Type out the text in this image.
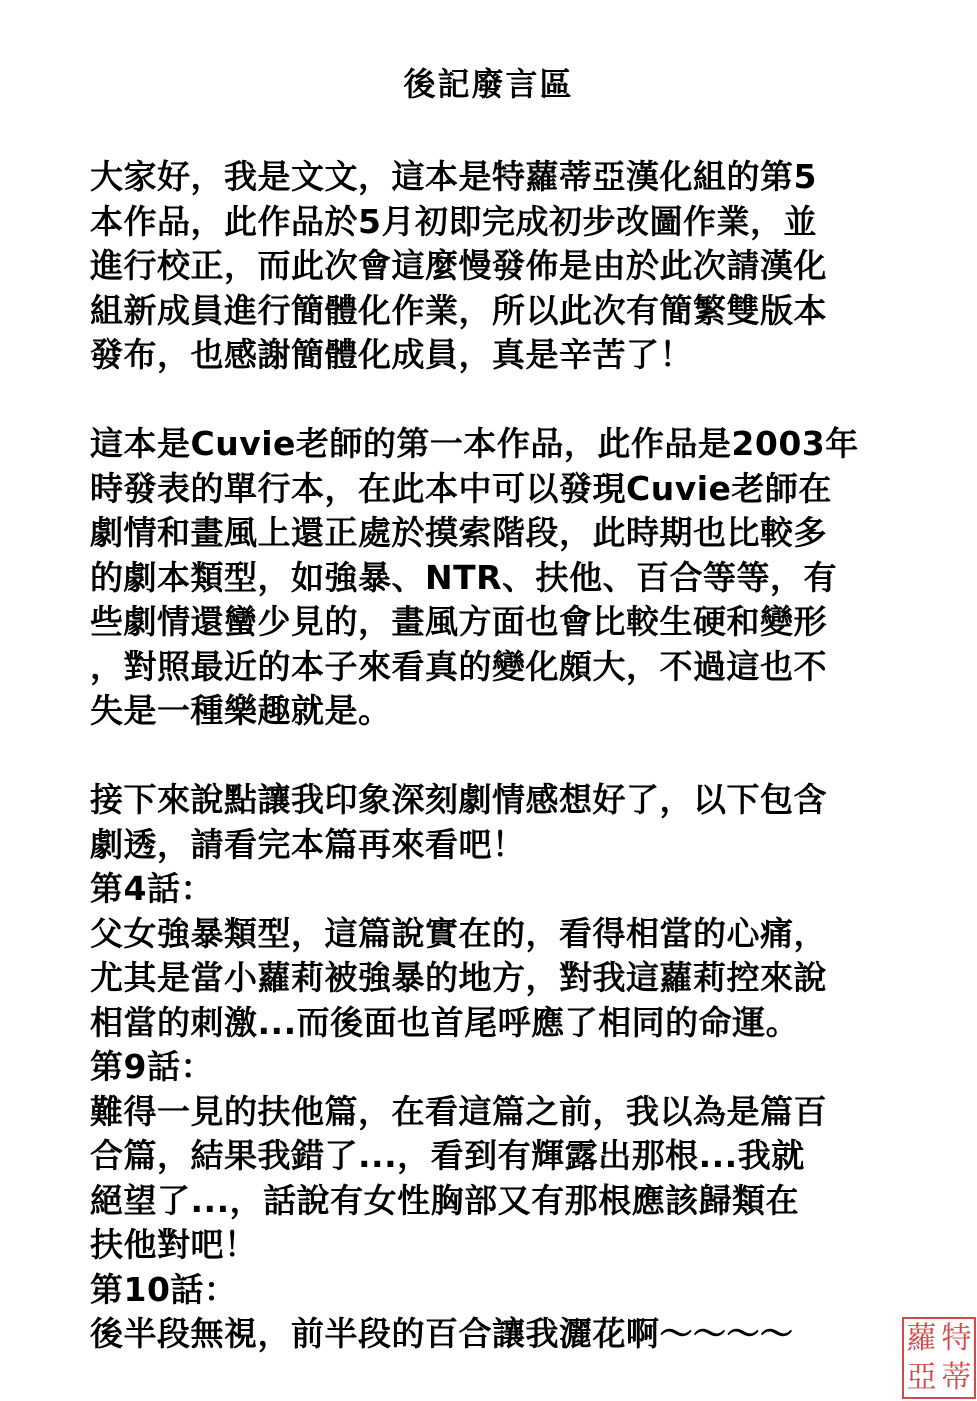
後記廢言區
大家好，我是文文，這本是特蘿蒂亞漢化組的第5
本作品，此作品於5月初即完成初步改圖作業，並
進行校正，而此次會這麼慢發佈是由於此次請漢化
組新成員進行簡體化作業，所以此次有簡繁雙版本
發布，也感謝簡體化成員，真是辛苦了！
這本是Cuvie老師的第一本作品，此作品是2003年
時發表的單行本，在此本中可以發現Cuvie老師在
劇情和畫風上還正處於摸索階段，此時期也比較多
的劇本類型，如強暴、NTR、扶他、百合等等，有
些劇情還蠻少見的，畫風方面也會比較生硬和變形
，對照最近的本子來看真的變化頗大，不過這也不
失是一種樂趣就是。
接下來說點讓我印象深刻劇情感想好了，以下包含
劇透，請看完本篇再來看吧！
第4話：
父女強暴類型，這篇說實在的，看得相當的心痛，
尤其是當小蘿莉被強暴的地方，對我這蘿莉控來說
相當的刺激...而後面也首尾呼應了相同的命運。
第9話：
難得一見的扶他篇，在看這篇之前，我以為是篇百
合篇，結果我錯了...，看到有輝露出那根...我就
絕望了...，話說有女性胸部又有那根應該歸類在
扶他對吧！
第10話：
後半段無視，前半段的百合讓我灑花啊～～～～	蘿 特
亞 蒂
